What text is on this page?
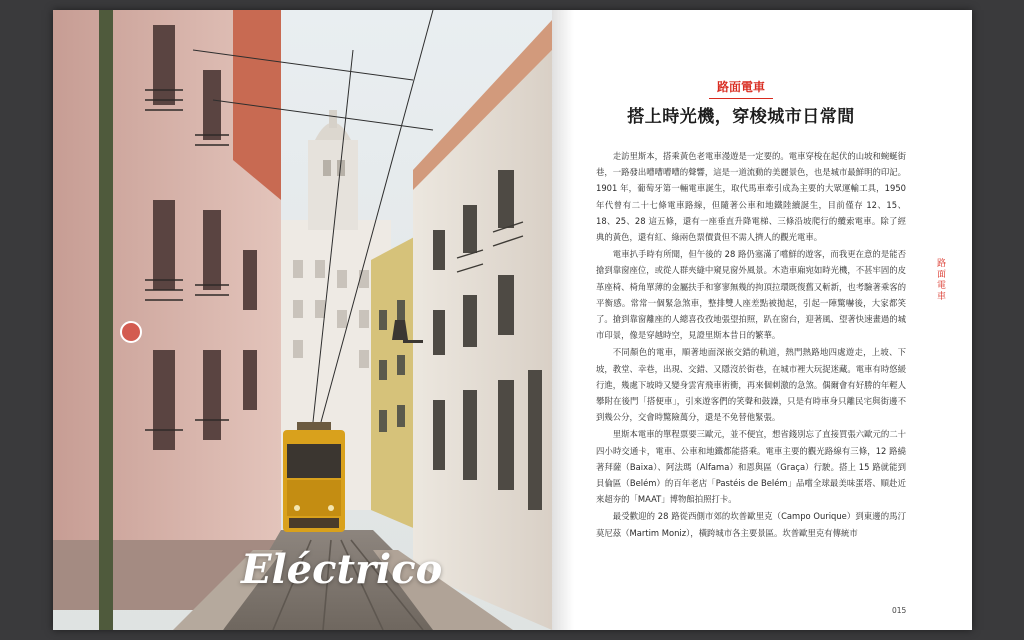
Eléctrico
路面電車
搭上時光機，穿梭城市日常間

走訪里斯本，搭乘黃色老電車漫遊是一定要的。電車穿梭在起伏的山坡和蜿蜒街巷，一路發出嘈嘈嘈嘈的聲響，這是一道流動的美麗景色，也是城市最鮮明的印記。1901 年，葡萄牙第一輛電車誕生，取代馬車牽引成為主要的大眾運輸工具，1950 年代曾有二十七條電車路線，但隨著公車和地鐵陸續誕生，目前僅存 12、15、18、25、28 這五條，還有一座垂直升降電梯、三條沿坡爬行的纜索電車。除了經典的黃色，還有紅、綠兩色票價貴但不需人擠人的觀光電車。

電車扒手時有所聞，但午後的 28 路仍塞滿了嚐鮮的遊客，而我更在意的是能否搶到靠窗座位，或從人群夾縫中窺見窗外風景。木造車廂宛如時光機，不甚牢固的皮革座椅、椅角單薄的金屬扶手和寥寥無幾的拘頂拉環既復舊又斬新，也考驗著乘客的平衡感。常常一個緊急煞車，整排雙人座差點被拋起，引起一陣驚嚇後，大家都笑了。搶到靠窗離座的人總喜孜孜地張望拍照，趴在窗台，迎著風、望著快速畫過的城市印景，像是穿越時空，見證里斯本昔日的繁華。

不同顏色的電車，順著地面深嵌交錯的軌道，熱門熱路地四處遊走，上坡、下坡，教堂、幸巷，出現、交錯、又隱沒於街巷，在城市裡大玩捉迷藏。電車有時悠緩行進，幾處下坡時又變身雲宵飛車術衝，再來個刺激的急煞。偶爾會有好勝的年輕人攀附在後門「搭便車」，引來遊客們的笑聲和鼓譟，只是有時車身只離民宅與街邊不到幾公分，交會時驚險萬分，還是不免替他緊張。

里斯本電車的單程票要三歐元，並不便宜，想省錢別忘了直接買張六歐元的二十四小時交通卡，電車、公車和地鐵都能搭乘。電車主要的觀光路線有三條，12 路繞著拜薩（Baixa）、阿法瑪（Alfama）和恩與區（Graça）行駛。搭上 15 路就能到貝倫區（Belém）的百年老店「Pastéis de Belém」品嚐全球最美味蛋塔、順赴近來超夯的「MAAT」博物館拍照打卡。

最受歡迎的 28 路從西側市郊的坎普歐里克（Campo Ourique）到東邊的馬汀莫尼茲（Martim Moniz），橫跨城市各主要景區。坎普歐里克有傳統市

路面電車
015
